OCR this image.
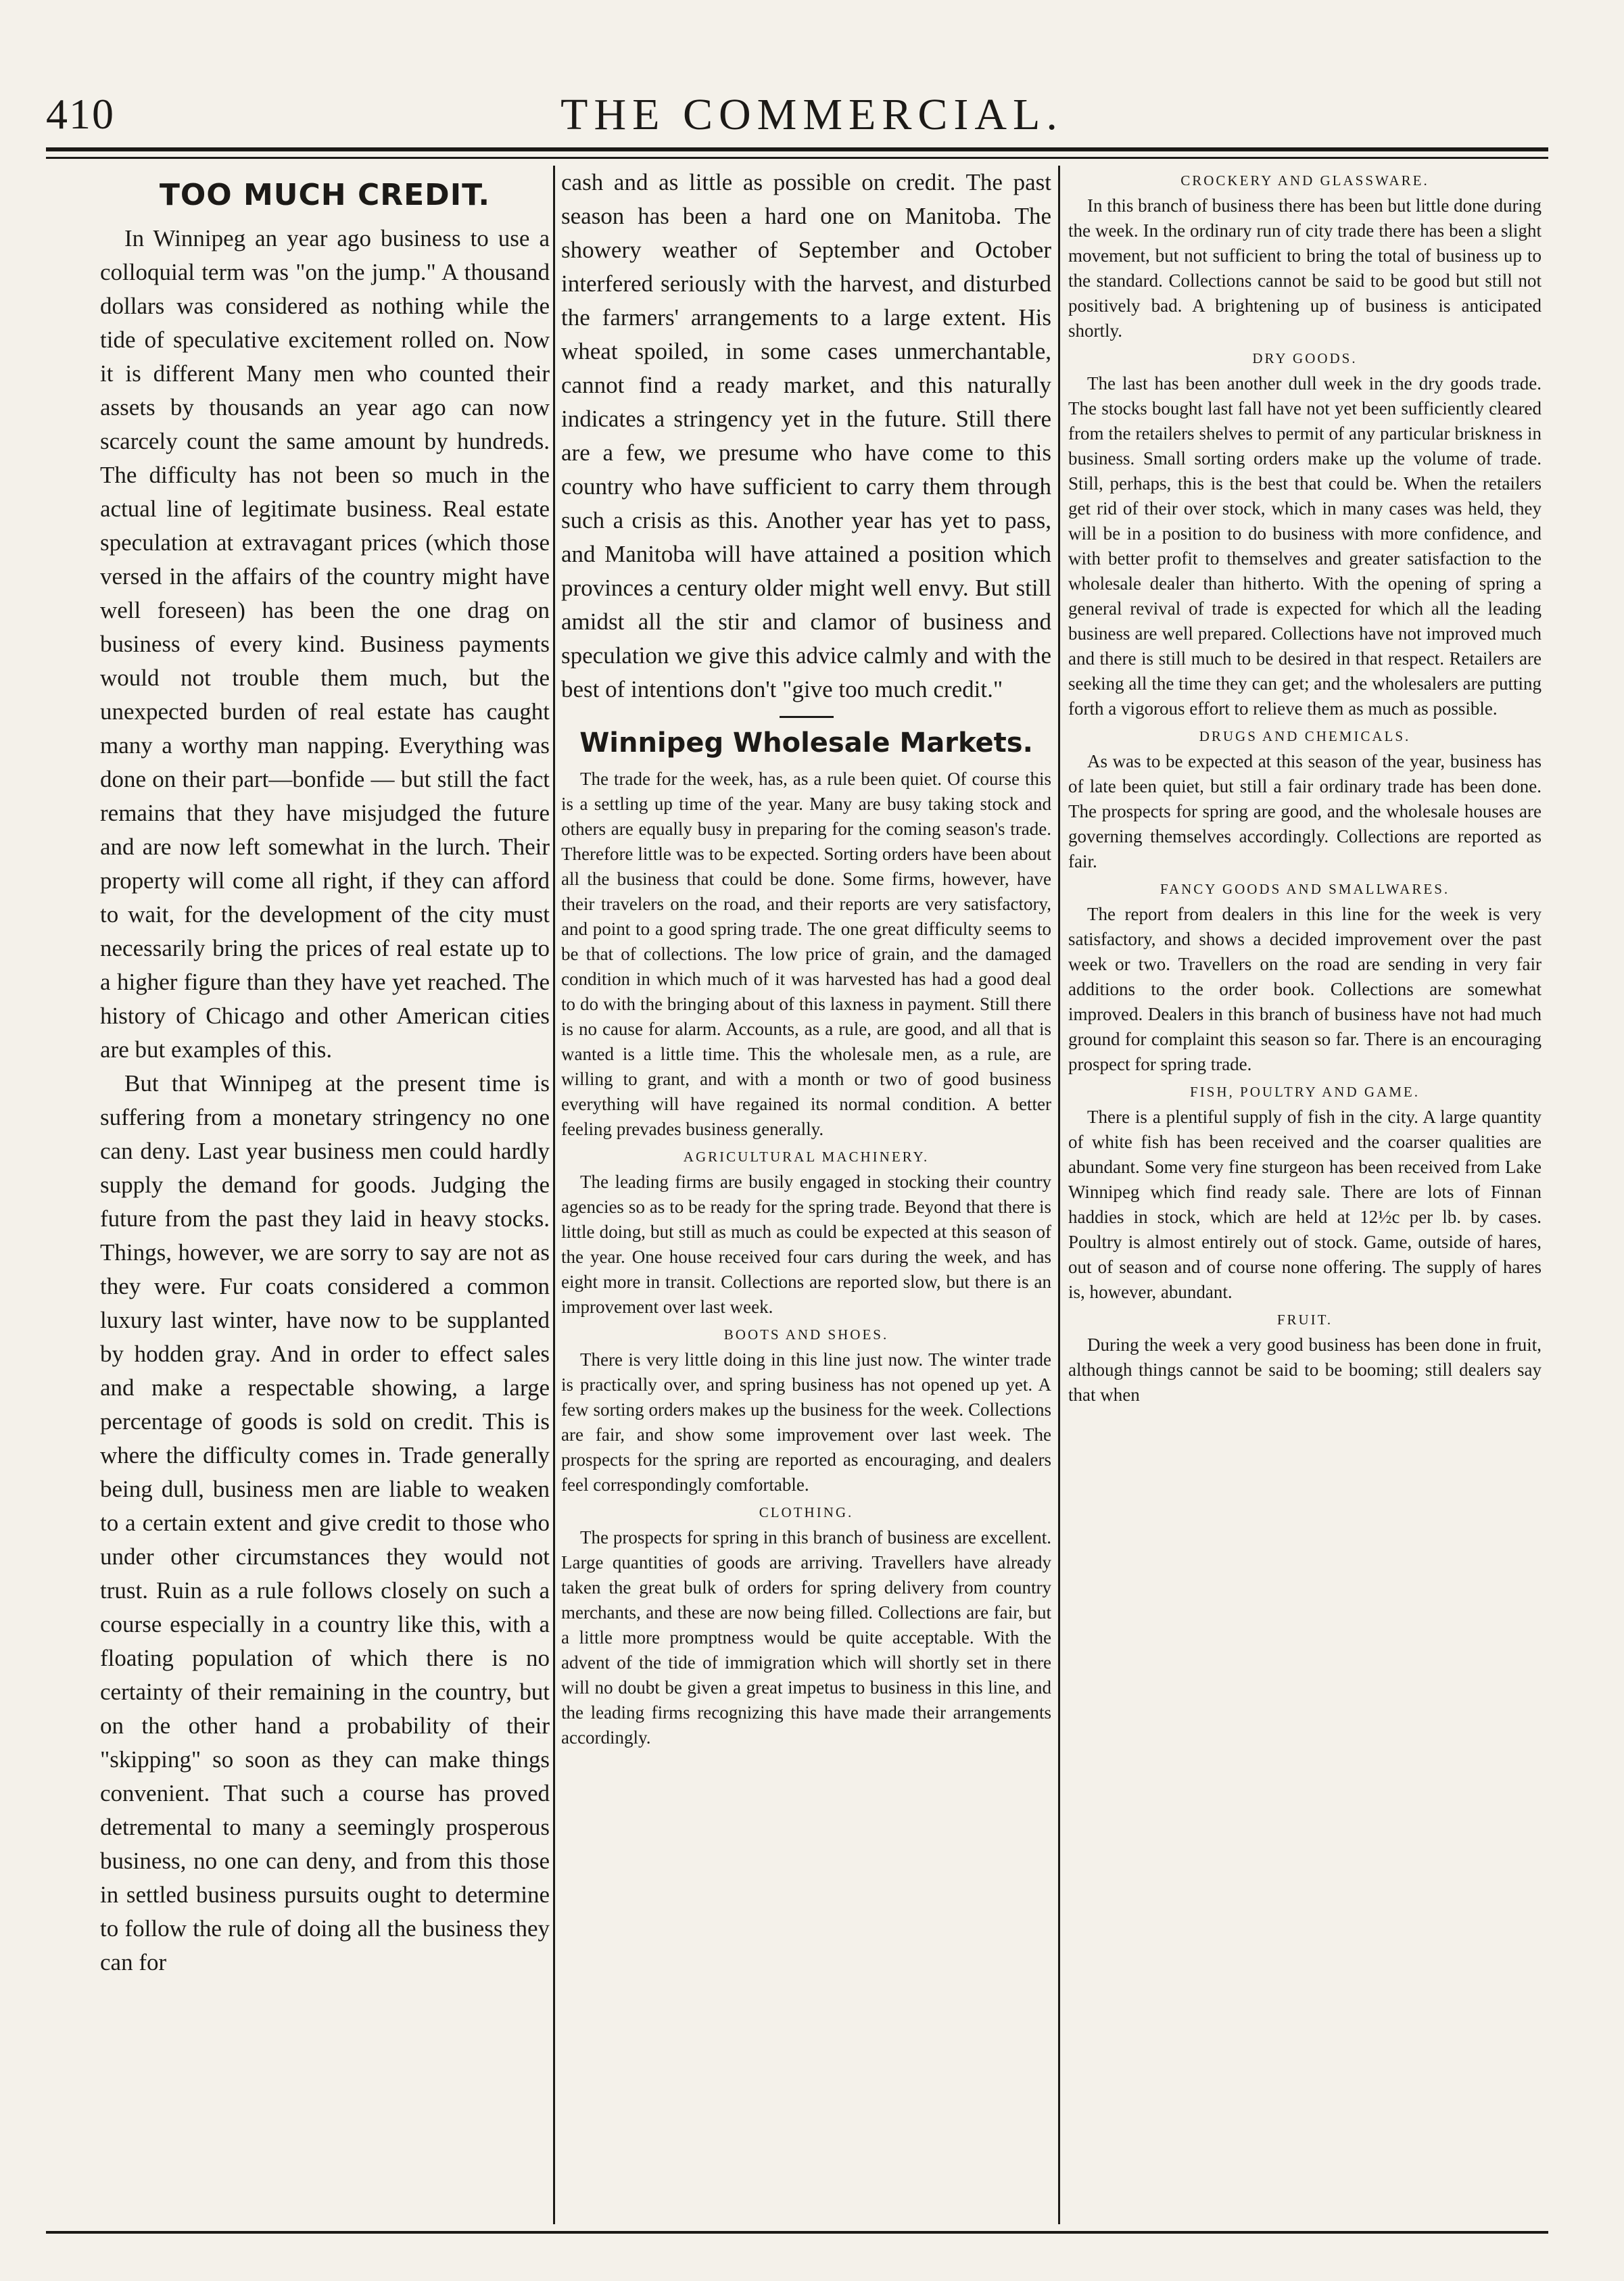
410	THE COMMERCIAL.
TOO MUCH CREDIT.

In Winnipeg an year ago business to use a colloquial term was "on the jump." A thousand dollars was considered as nothing while the tide of speculative excitement rolled on. Now it is different Many men who counted their assets by thousands an year ago can now scarcely count the same amount by hundreds. The difficulty has not been so much in the actual line of legitimate business. Real estate speculation at extravagant prices (which those versed in the affairs of the country might have well foreseen) has been the one drag on business of every kind. Business payments would not trouble them much, but the unexpected burden of real estate has caught many a worthy man napping. Everything was done on their part—bonfide — but still the fact remains that they have misjudged the future and are now left somewhat in the lurch. Their property will come all right, if they can afford to wait, for the development of the city must necessarily bring the prices of real estate up to a higher figure than they have yet reached. The history of Chicago and other American cities are but examples of this.

But that Winnipeg at the present time is suffering from a monetary stringency no one can deny. Last year business men could hardly supply the demand for goods. Judging the future from the past they laid in heavy stocks. Things, however, we are sorry to say are not as they were. Fur coats considered a common luxury last winter, have now to be supplanted by hodden gray. And in order to effect sales and make a respectable showing, a large percentage of goods is sold on credit. This is where the difficulty comes in. Trade generally being dull, business men are liable to weaken to a certain extent and give credit to those who under other circumstances they would not trust. Ruin as a rule follows closely on such a course especially in a country like this, with a floating population of which there is no certainty of their remaining in the country, but on the other hand a probability of their "skipping" so soon as they can make things convenient. That such a course has proved detremental to many a seemingly prosperous business, no one can deny, and from this those in settled business pursuits ought to determine to follow the rule of doing all the business they can for

cash and as little as possible on credit. The past season has been a hard one on Manitoba. The showery weather of September and October interfered seriously with the harvest, and disturbed the farmers' arrangements to a large extent. His wheat spoiled, in some cases unmerchantable, cannot find a ready market, and this naturally indicates a stringency yet in the future. Still there are a few, we presume who have come to this country who have sufficient to carry them through such a crisis as this. Another year has yet to pass, and Manitoba will have attained a position which provinces a century older might well envy. But still amidst all the stir and clamor of business and speculation we give this advice calmly and with the best of intentions don't "give too much credit."

Winnipeg Wholesale Markets.

The trade for the week, has, as a rule been quiet. Of course this is a settling up time of the year. Many are busy taking stock and others are equally busy in preparing for the coming season's trade. Therefore little was to be expected. Sorting orders have been about all the business that could be done. Some firms, however, have their travelers on the road, and their reports are very satisfactory, and point to a good spring trade. The one great difficulty seems to be that of collections. The low price of grain, and the damaged condition in which much of it was harvested has had a good deal to do with the bringing about of this laxness in payment. Still there is no cause for alarm. Accounts, as a rule, are good, and all that is wanted is a little time. This the wholesale men, as a rule, are willing to grant, and with a month or two of good business everything will have regained its normal condition. A better feeling prevades business generally.

AGRICULTURAL MACHINERY.

The leading firms are busily engaged in stocking their country agencies so as to be ready for the spring trade. Beyond that there is little doing, but still as much as could be expected at this season of the year. One house received four cars during the week, and has eight more in transit. Collections are reported slow, but there is an improvement over last week.

BOOTS AND SHOES.

There is very little doing in this line just now. The winter trade is practically over, and spring business has not opened up yet. A few sorting orders makes up the business for the week. Collections are fair, and show some improvement over last week. The prospects for the spring are reported as encouraging, and dealers feel correspondingly comfortable.

CLOTHING.

The prospects for spring in this branch of business are excellent. Large quantities of goods are arriving. Travellers have already taken the great bulk of orders for spring delivery from country merchants, and these are now being filled. Collections are fair, but a little more promptness would be quite acceptable. With the advent of the tide of immigration which will shortly set in there will no doubt be given a great impetus to business in this line, and the leading firms recognizing this have made their arrangements accordingly.

CROCKERY AND GLASSWARE.

In this branch of business there has been but little done during the week. In the ordinary run of city trade there has been a slight movement, but not sufficient to bring the total of business up to the standard. Collections cannot be said to be good but still not positively bad. A brightening up of business is anticipated shortly.

DRY GOODS.

The last has been another dull week in the dry goods trade. The stocks bought last fall have not yet been sufficiently cleared from the retailers shelves to permit of any particular briskness in business. Small sorting orders make up the volume of trade. Still, perhaps, this is the best that could be. When the retailers get rid of their over stock, which in many cases was held, they will be in a position to do business with more confidence, and with better profit to themselves and greater satisfaction to the wholesale dealer than hitherto. With the opening of spring a general revival of trade is expected for which all the leading business are well prepared. Collections have not improved much and there is still much to be desired in that respect. Retailers are seeking all the time they can get; and the wholesalers are putting forth a vigorous effort to relieve them as much as possible.

DRUGS AND CHEMICALS.

As was to be expected at this season of the year, business has of late been quiet, but still a fair ordinary trade has been done. The prospects for spring are good, and the wholesale houses are governing themselves accordingly. Collections are reported as fair.

FANCY GOODS AND SMALLWARES.

The report from dealers in this line for the week is very satisfactory, and shows a decided improvement over the past week or two. Travellers on the road are sending in very fair additions to the order book. Collections are somewhat improved. Dealers in this branch of business have not had much ground for complaint this season so far. There is an encouraging prospect for spring trade.

FISH, POULTRY AND GAME.

There is a plentiful supply of fish in the city. A large quantity of white fish has been received and the coarser qualities are abundant. Some very fine sturgeon has been received from Lake Winnipeg which find ready sale. There are lots of Finnan haddies in stock, which are held at 12½c per lb. by cases. Poultry is almost entirely out of stock. Game, outside of hares, out of season and of course none offering. The supply of hares is, however, abundant.

FRUIT.

During the week a very good business has been done in fruit, although things cannot be said to be booming; still dealers say that when
